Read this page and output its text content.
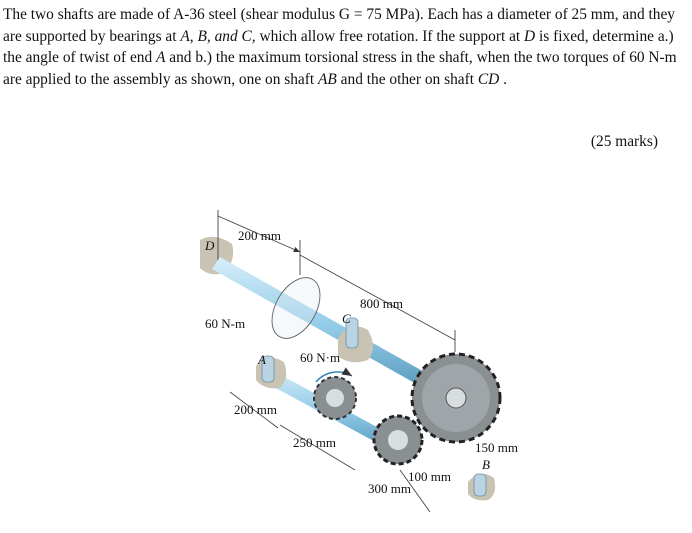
The two shafts are made of A-36 steel (shear modulus G = 75 MPa). Each has a diameter of 25 mm, and they are supported by bearings at A, B, and C, which allow free rotation. If the support at D is fixed, determine a.) the angle of twist of end A and b.) the maximum torsional stress in the shaft, when the two torques of 60 N-m are applied to the assembly as shown, one on shaft AB and the other on shaft CD .

(25 marks)
D
200 mm
800 mm
60 N-m	C
A	60 N·m
200 mm
250 mm	150 mm
B
100 mm
300 mm
